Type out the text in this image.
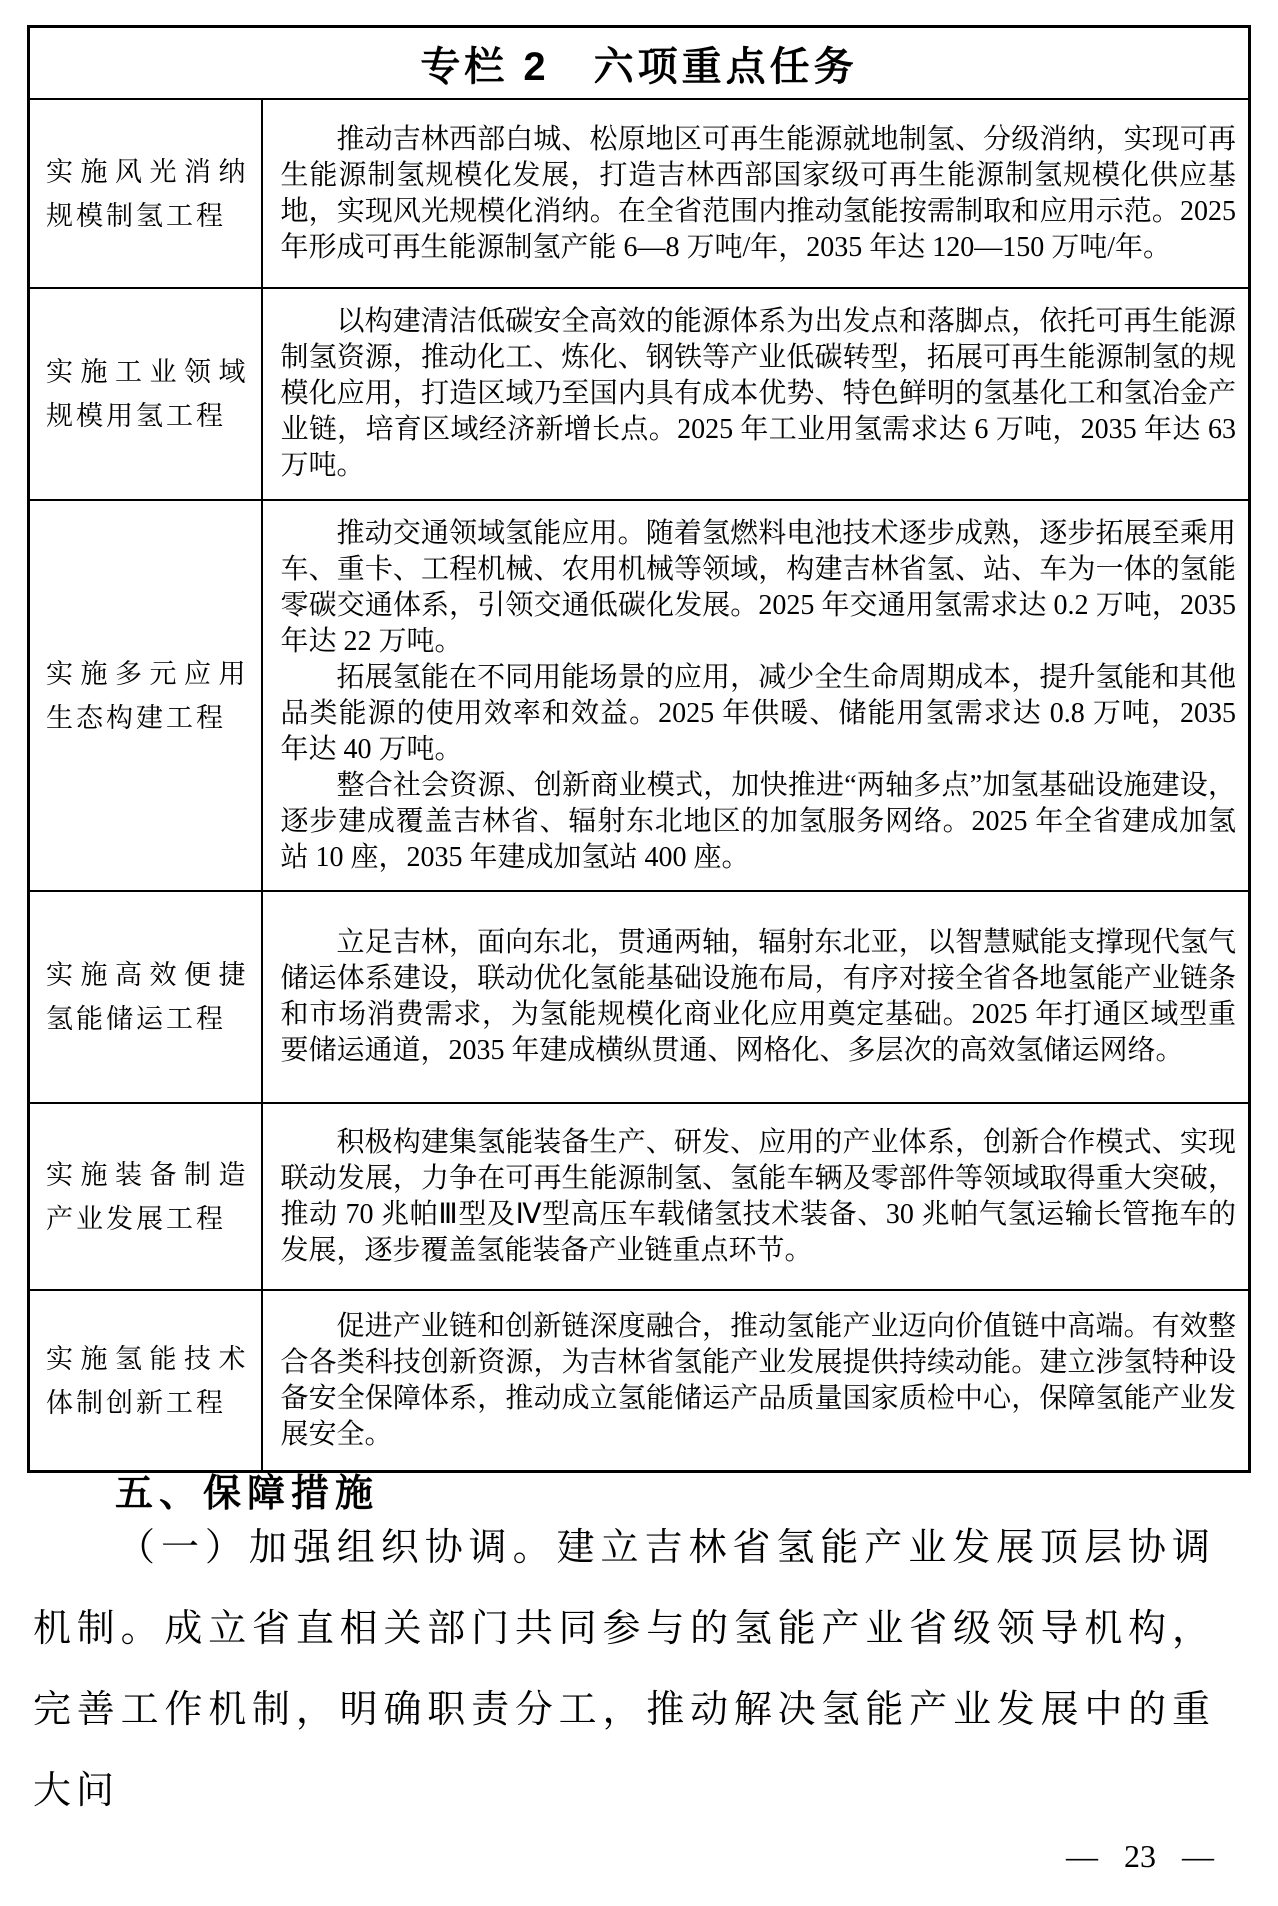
专栏 2　六项重点任务	
实施风光消纳规模制氢工程	推动吉林西部白城、松原地区可再生能源就地制氢、分级消纳，实现可再生能源制氢规模化发展，打造吉林西部国家级可再生能源制氢规模化供应基地，实现风光规模化消纳。在全省范围内推动氢能按需制取和应用示范。2025 年形成可再生能源制氢产能 6—8 万吨/年，2035 年达 120—150 万吨/年。

实施工业领域规模用氢工程	以构建清洁低碳安全高效的能源体系为出发点和落脚点，依托可再生能源制氢资源，推动化工、炼化、钢铁等产业低碳转型，拓展可再生能源制氢的规模化应用，打造区域乃至国内具有成本优势、特色鲜明的氢基化工和氢冶金产业链，培育区域经济新增长点。2025 年工业用氢需求达 6 万吨，2035 年达 63 万吨。

实施多元应用生态构建工程	推动交通领域氢能应用。随着氢燃料电池技术逐步成熟，逐步拓展至乘用车、重卡、工程机械、农用机械等领域，构建吉林省氢、站、车为一体的氢能零碳交通体系，引领交通低碳化发展。2025 年交通用氢需求达 0.2 万吨，2035 年达 22 万吨。

拓展氢能在不同用能场景的应用，减少全生命周期成本，提升氢能和其他品类能源的使用效率和效益。2025 年供暖、储能用氢需求达 0.8 万吨，2035 年达 40 万吨。

整合社会资源、创新商业模式，加快推进“两轴多点”加氢基础设施建设，逐步建成覆盖吉林省、辐射东北地区的加氢服务网络。2025 年全省建成加氢站 10 座，2035 年建成加氢站 400 座。

实施高效便捷氢能储运工程	立足吉林，面向东北，贯通两轴，辐射东北亚，以智慧赋能支撑现代氢气储运体系建设，联动优化氢能基础设施布局，有序对接全省各地氢能产业链条和市场消费需求，为氢能规模化商业化应用奠定基础。2025 年打通区域型重要储运通道，2035 年建成横纵贯通、网格化、多层次的高效氢储运网络。

实施装备制造产业发展工程	积极构建集氢能装备生产、研发、应用的产业体系，创新合作模式、实现联动发展，力争在可再生能源制氢、氢能车辆及零部件等领域取得重大突破，推动 70 兆帕Ⅲ型及Ⅳ型高压车载储氢技术装备、30 兆帕气氢运输长管拖车的发展，逐步覆盖氢能装备产业链重点环节。

实施氢能技术体制创新工程	促进产业链和创新链深度融合，推动氢能产业迈向价值链中高端。有效整合各类科技创新资源，为吉林省氢能产业发展提供持续动能。建立涉氢特种设备安全保障体系，推动成立氢能储运产品质量国家质检中心，保障氢能产业发展安全。

五、保障措施

（一）加强组织协调。建立吉林省氢能产业发展顶层协调机制。成立省直相关部门共同参与的氢能产业省级领导机构，完善工作机制，明确职责分工，推动解决氢能产业发展中的重大问

— 23 —
